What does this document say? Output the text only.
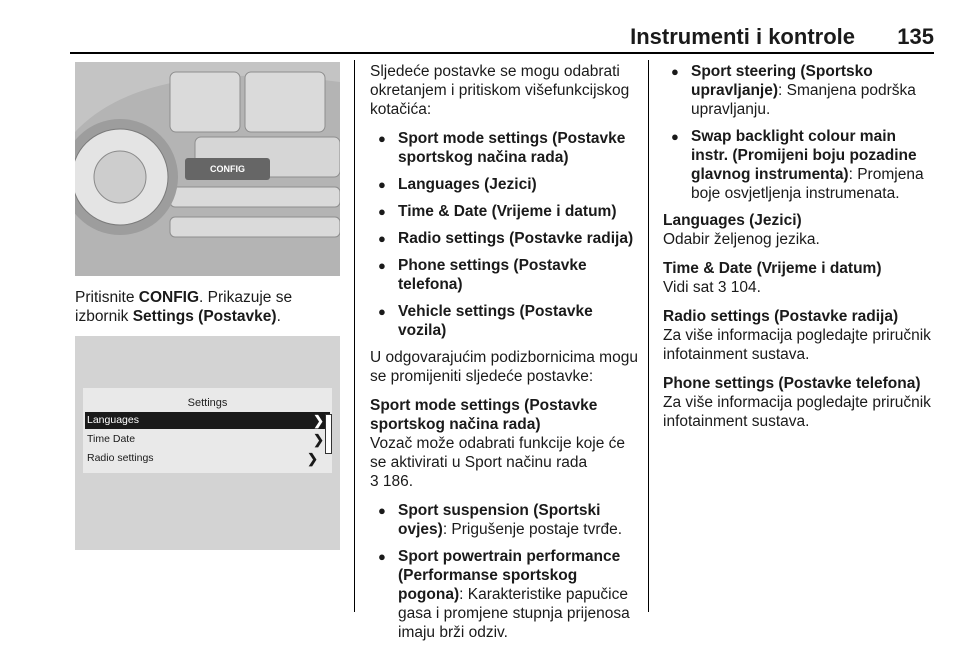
Instrumenti i kontrole 135
CONFIG

Pritisnite CONFIG. Prikazuje se izbornik Settings (Postavke).

Settings
Languages	❯
Time Date	❯
Radio settings	❯

Sljedeće postavke se mogu odabrati okretanjem i pritiskom višefunkcijskog kotačića:

● Sport mode settings (Postavke sportskog načina rada)
● Languages (Jezici)
● Time & Date (Vrijeme i datum)
● Radio settings (Postavke radija)
● Phone settings (Postavke telefona)
● Vehicle settings (Postavke vozila)

U odgovarajućim podizbornicima mogu se promijeniti sljedeće postavke:

Sport mode settings (Postavke sportskog načina rada)

Vozač može odabrati funkcije koje će se aktivirati u Sport načinu rada
3 186.

● Sport suspension (Sportski ovjes): Prigušenje postaje tvrđe.
● Sport powertrain performance (Performanse sportskog pogona): Karakteristike papučice gasa i promjene stupnja prijenosa imaju brži odziv.
● Sport steering (Sportsko upravljanje): Smanjena podrška upravljanju.
● Swap backlight colour main instr. (Promijeni boju pozadine glavnog instrumenta): Promjena boje osvjetljenja instrumenata.

Languages (Jezici)

Odabir željenog jezika.

Time & Date (Vrijeme i datum)

Vidi sat 3 104.

Radio settings (Postavke radija)

Za više informacija pogledajte priručnik infotainment sustava.

Phone settings (Postavke telefona)

Za više informacija pogledajte priručnik infotainment sustava.
